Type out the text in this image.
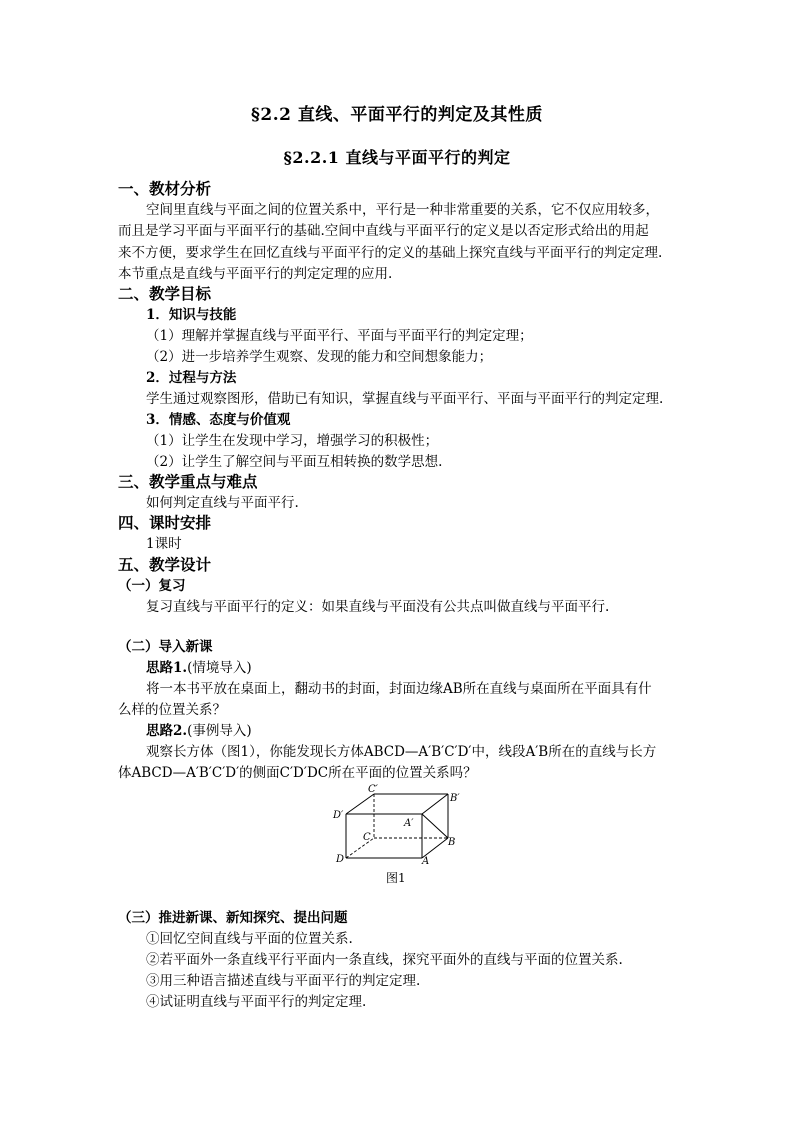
§2.2 直线、平面平行的判定及其性质
§2.2.1 直线与平面平行的判定
一、教材分析
空间里直线与平面之间的位置关系中，平行是一种非常重要的关系，它不仅应用较多，
而且是学习平面与平面平行的基础.空间中直线与平面平行的定义是以否定形式给出的用起
来不方便，要求学生在回忆直线与平面平行的定义的基础上探究直线与平面平行的判定定理.
本节重点是直线与平面平行的判定定理的应用.
二、教学目标
1．知识与技能
（1）理解并掌握直线与平面平行、平面与平面平行的判定定理；
（2）进一步培养学生观察、发现的能力和空间想象能力；
2．过程与方法
学生通过观察图形，借助已有知识，掌握直线与平面平行、平面与平面平行的判定定理.
3．情感、态度与价值观
（1）让学生在发现中学习，增强学习的积极性；
（2）让学生了解空间与平面互相转换的数学思想.
三、教学重点与难点
如何判定直线与平面平行.
四、课时安排
1课时
五、教学设计
（一）复习
复习直线与平面平行的定义：如果直线与平面没有公共点叫做直线与平面平行.
（二）导入新课
思路1.(情境导入)
将一本书平放在桌面上，翻动书的封面，封面边缘AB所在直线与桌面所在平面具有什
么样的位置关系？
思路2.(事例导入)
观察长方体（图1），你能发现长方体ABCD—A′B′C′D′中，线段A′B所在的直线与长方
体ABCD—A′B′C′D′的侧面C′D′DC所在平面的位置关系吗？
C′
B′
D′
A′
C	B
D	A
图1
（三）推进新课、新知探究、提出问题
①回忆空间直线与平面的位置关系.
②若平面外一条直线平行平面内一条直线，探究平面外的直线与平面的位置关系.
③用三种语言描述直线与平面平行的判定定理.
④试证明直线与平面平行的判定定理.
